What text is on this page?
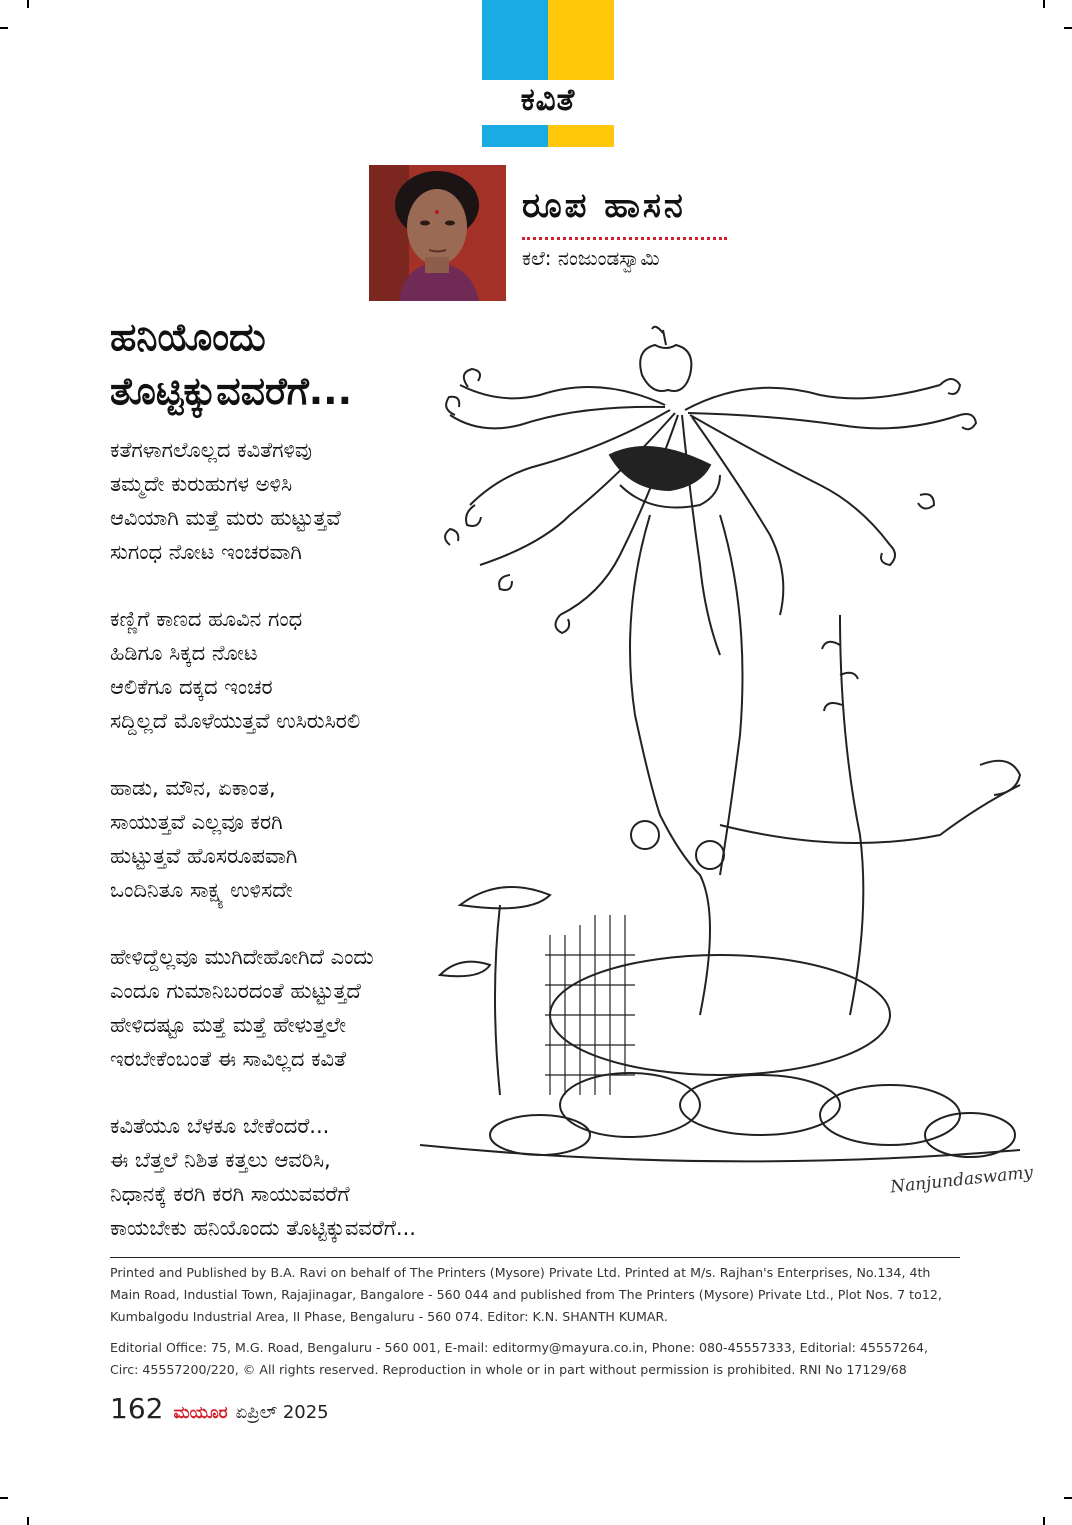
ಕವಿತೆ
ರೂಪ ಹಾಸನ
ಕಲೆ: ನಂಜುಂಡಸ್ವಾಮಿ
ಹನಿಯೊಂದು
ತೊಟ್ಟಿಕ್ಕುವವರೆಗೆ...
Nanjundaswamy
ಕತೆಗಳಾಗಲೊಲ್ಲದ ಕವಿತೆಗಳಿವು
ತಮ್ಮದೇ ಕುರುಹುಗಳ ಅಳಿಸಿ
ಆವಿಯಾಗಿ ಮತ್ತೆ ಮರು ಹುಟ್ಟುತ್ತವೆ
ಸುಗಂಧ ನೋಟ ಇಂಚರವಾಗಿ
ಕಣ್ಣಿಗೆ ಕಾಣದ ಹೂವಿನ ಗಂಧ
ಹಿಡಿಗೂ ಸಿಕ್ಕದ ನೋಟ
ಆಲಿಕೆಗೂ ದಕ್ಕದ ಇಂಚರ
ಸದ್ದಿಲ್ಲದೆ ಮೊಳೆಯುತ್ತವೆ ಉಸಿರುಸಿರಲಿ
ಹಾಡು, ಮೌನ, ಏಕಾಂತ,
ಸಾಯುತ್ತವೆ ಎಲ್ಲವೂ ಕರಗಿ
ಹುಟ್ಟುತ್ತವೆ ಹೊಸರೂಪವಾಗಿ
ಒಂದಿನಿತೂ ಸಾಕ್ಷ್ಯ ಉಳಿಸದೇ
ಹೇಳಿದ್ದೆಲ್ಲವೂ ಮುಗಿದೇಹೋಗಿದೆ ಎಂದು
ಎಂದೂ ಗುಮಾನಿಬರದಂತೆ ಹುಟ್ಟುತ್ತದೆ
ಹೇಳಿದಷ್ಟೂ ಮತ್ತೆ ಮತ್ತೆ ಹೇಳುತ್ತಲೇ
ಇರಬೇಕೆಂಬಂತೆ ಈ ಸಾವಿಲ್ಲದ ಕವಿತೆ
ಕವಿತೆಯೂ ಬೆಳಕೂ ಬೇಕೆಂದರೆ...
ಈ ಬೆತ್ತಲೆ ನಿಶಿತ ಕತ್ತಲು ಆವರಿಸಿ,
ನಿಧಾನಕ್ಕೆ ಕರಗಿ ಕರಗಿ ಸಾಯುವವರೆಗೆ
ಕಾಯಬೇಕು ಹನಿಯೊಂದು ತೊಟ್ಟಿಕ್ಕುವವರೆಗೆ...
Printed and Published by B.A. Ravi on behalf of The Printers (Mysore) Private Ltd. Printed at M/s. Rajhan's Enterprises, No.134, 4th
Main Road, Industial Town, Rajajinagar, Bangalore - 560 044 and published from The Printers (Mysore) Private Ltd., Plot Nos. 7 to12,
Kumbalgodu Industrial Area, II Phase, Bengaluru - 560 074. Editor: K.N. SHANTH KUMAR.
Editorial Office: 75, M.G. Road, Bengaluru - 560 001, E-mail: editormy@mayura.co.in, Phone: 080-45557333, Editorial: 45557264,
Circ: 45557200/220, © All rights reserved. Reproduction in whole or in part without permission is prohibited. RNI No 17129/68
162 ಮಯೂರ ಏಪ್ರಿಲ್ 2025
